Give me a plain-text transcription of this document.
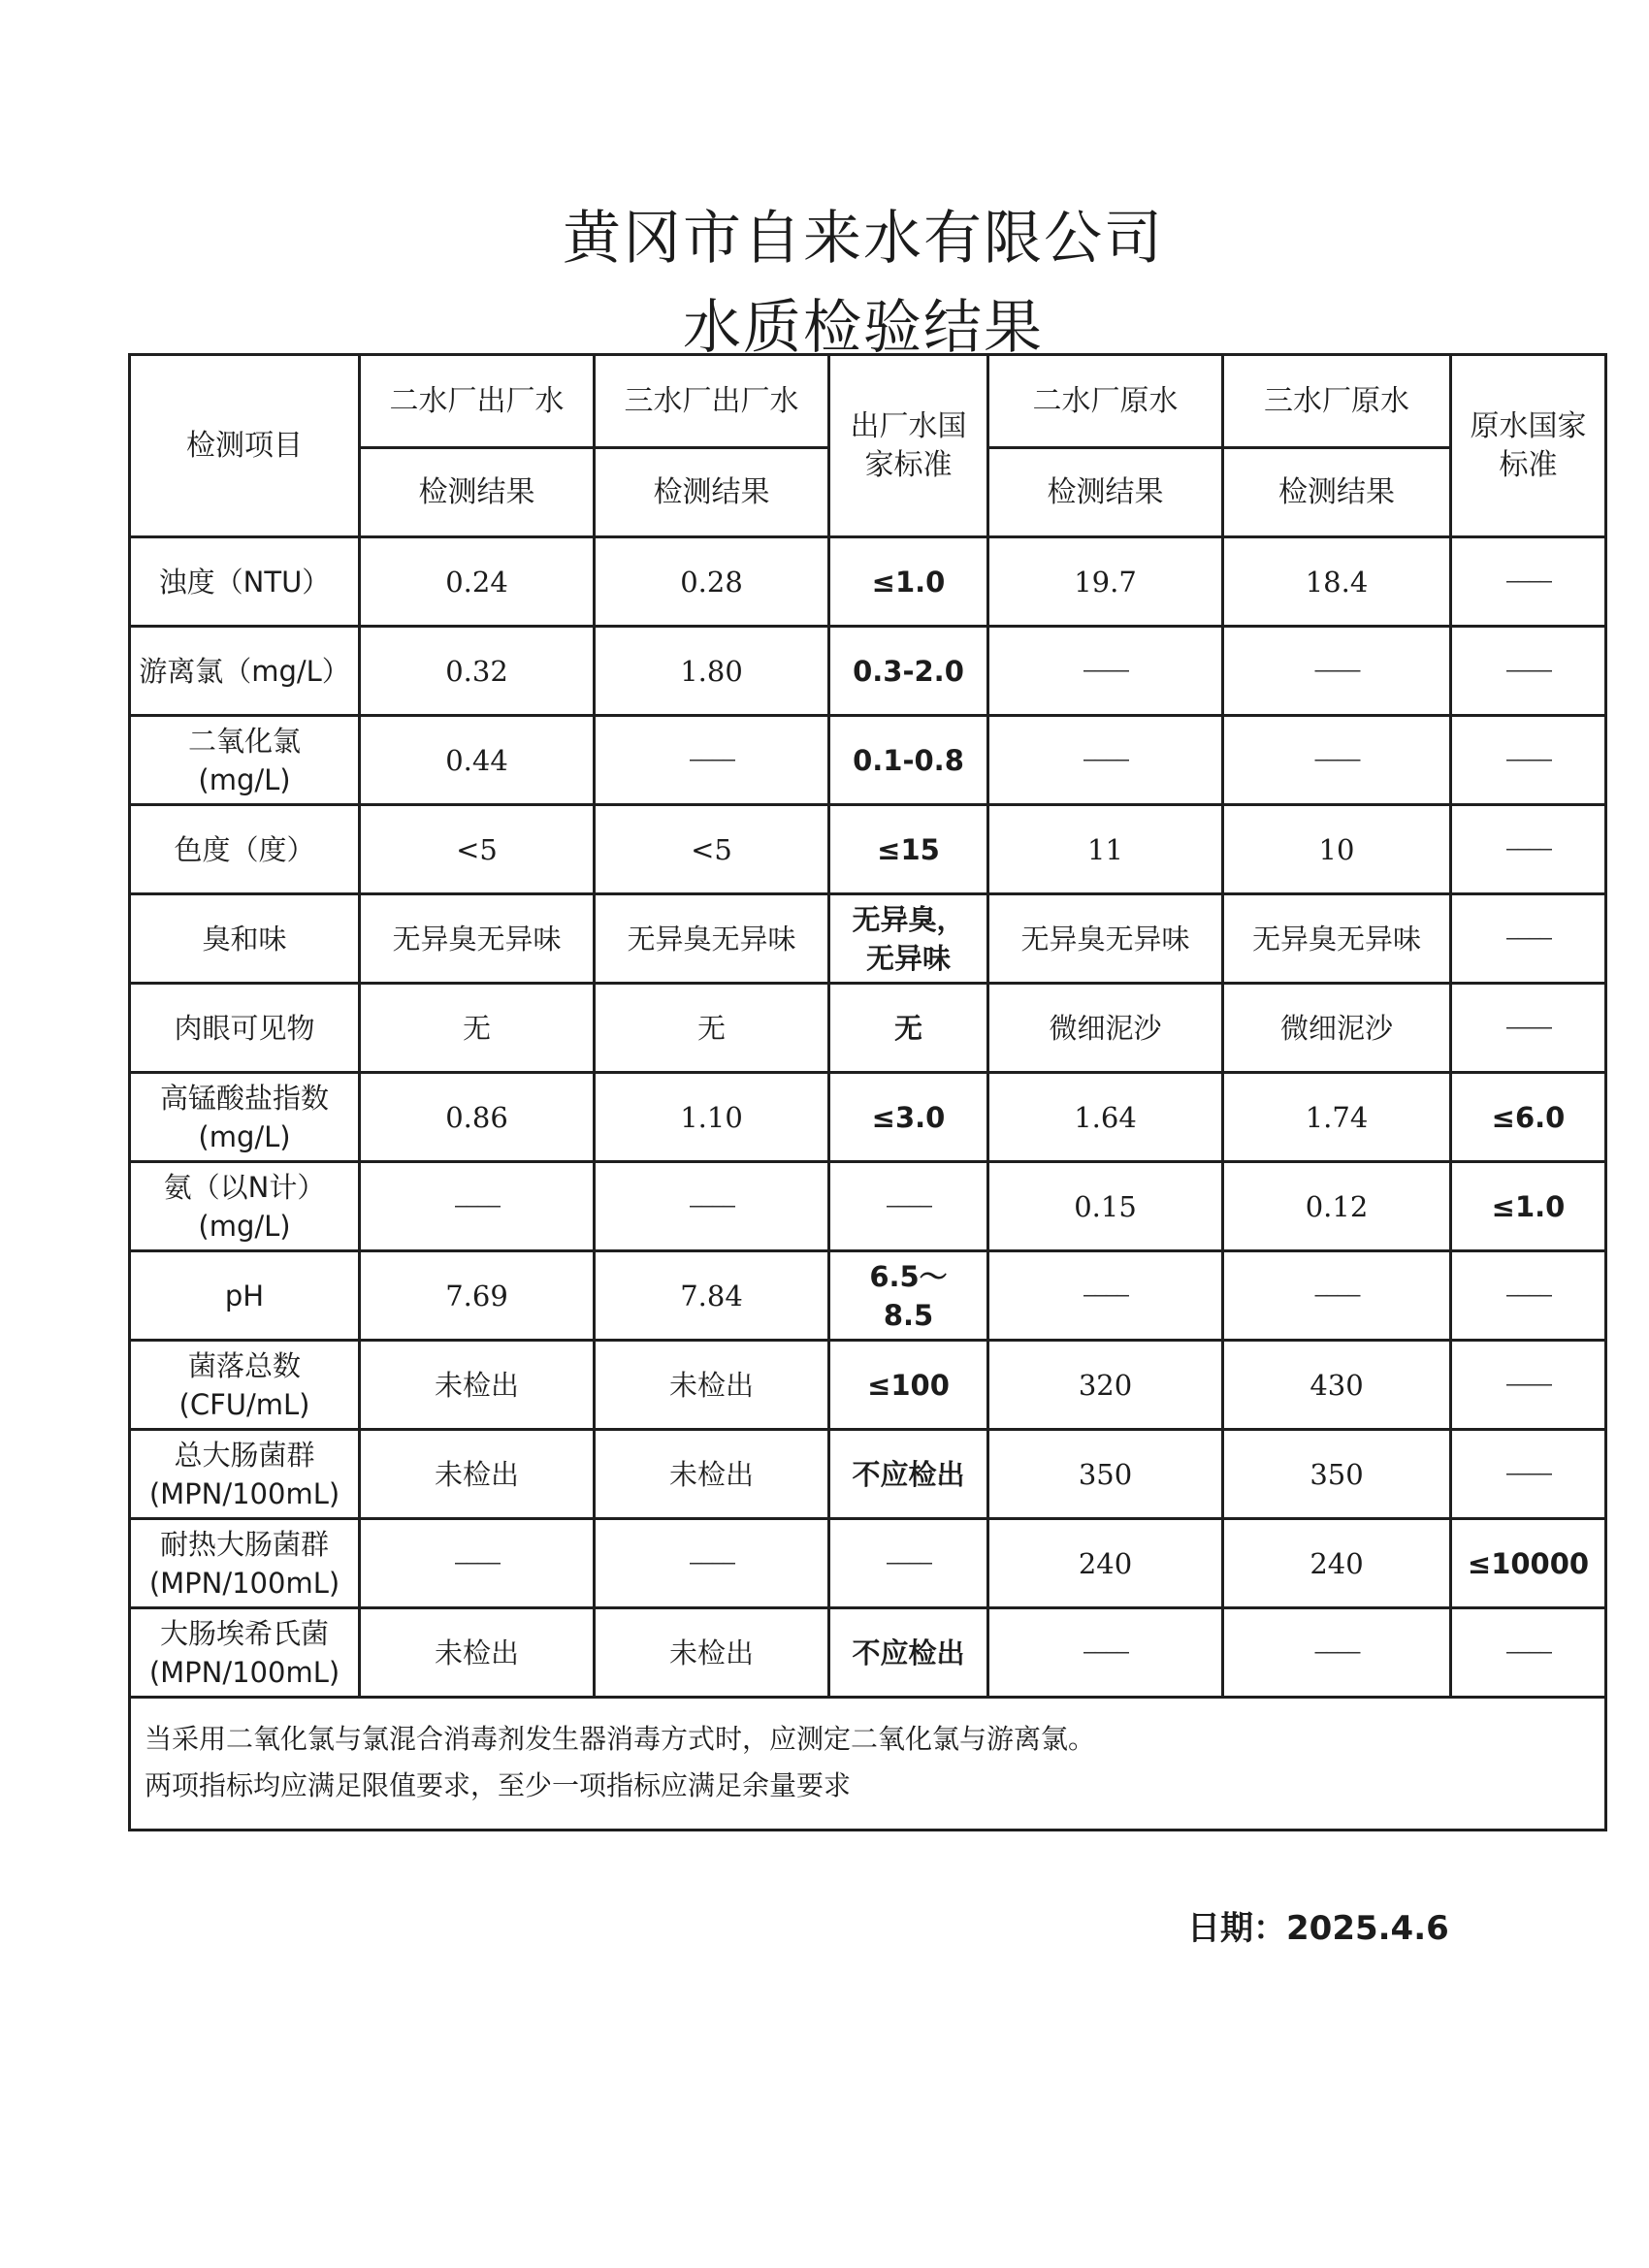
黄冈市自来水有限公司
水质检验结果
检测项目	二水厂出厂水	三水厂出厂水	出厂水国家标准	二水厂原水	三水厂原水	原水国家标准
	检测结果	检测结果		检测结果	检测结果	

浊度（NTU）	0.24	0.28	≤1.0	19.7	18.4	————

游离氯（mg/L）	0.32	1.80	0.3-2.0	————	————	————

二氧化氯
(mg/L)	0.44	————	0.1-0.8	————	————	————

色度（度）	<5	<5	≤15	11	10	————

臭和味	无异臭无异味	无异臭无异味	无异臭，无异味	无异臭无异味	无异臭无异味	————

肉眼可见物	无	无	无	微细泥沙	微细泥沙	————

高锰酸盐指数
(mg/L)	0.86	1.10	≤3.0	1.64	1.74	≤6.0

氨（以N计）
(mg/L)	————	————	————	0.15	0.12	≤1.0

pH	7.69	7.84	6.5～8.5	————	————	————

菌落总数
(CFU/mL)	未检出	未检出	≤100	320	430	————

总大肠菌群
(MPN/100mL)	未检出	未检出	不应检出	350	350	————

耐热大肠菌群
(MPN/100mL)	————	————	————	240	240	≤10000

大肠埃希氏菌
(MPN/100mL)	未检出	未检出	不应检出	————	————	————

当采用二氧化氯与氯混合消毒剂发生器消毒方式时，应测定二氧化氯与游离氯。
两项指标均应满足限值要求，至少一项指标应满足余量要求						
日期：2025.4.6
